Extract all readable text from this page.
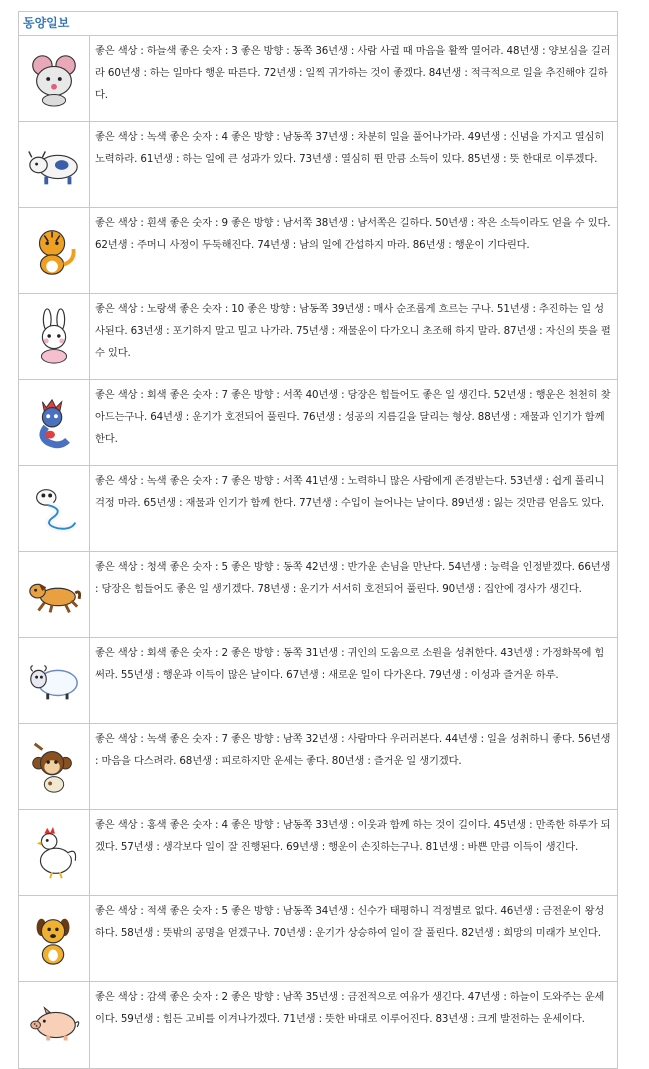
동양일보
좋은 색상 : 하늘색 좋은 숫자 : 3 좋은 방향 : 동쪽 36년생 : 사람 사귈 때 마음을 활짝 열어라. 48년생 : 양보심을 길러라 60년생 : 하는 일마다 행운 따른다. 72년생 : 일찍 귀가하는 것이 좋겠다. 84년생 : 적극적으로 일을 추진해야 길하다.
좋은 색상 : 녹색 좋은 숫자 : 4 좋은 방향 : 남동쪽 37년생 : 차분히 일을 풀어나가라. 49년생 : 신념을 가지고 열심히 노력하라. 61년생 : 하는 일에 큰 성과가 있다. 73년생 : 열심히 뛴 만큼 소득이 있다. 85년생 : 뜻 한대로 이루겠다.
좋은 색상 : 흰색 좋은 숫자 : 9 좋은 방향 : 남서쪽 38년생 : 남서쪽은 길하다. 50년생 : 작은 소득이라도 얻을 수 있다. 62년생 : 주머니 사정이 두둑해진다. 74년생 : 남의 일에 간섭하지 마라. 86년생 : 행운이 기다린다.
좋은 색상 : 노랑색 좋은 숫자 : 10 좋은 방향 : 남동쪽 39년생 : 매사 순조롭게 흐르는 구나. 51년생 : 추진하는 일 성사된다. 63년생 : 포기하지 말고 밀고 나가라. 75년생 : 재물운이 다가오니 초조해 하지 말라. 87년생 : 자신의 뜻을 펼 수 있다.
좋은 색상 : 회색 좋은 숫자 : 7 좋은 방향 : 서쪽 40년생 : 당장은 힘들어도 좋은 일 생긴다. 52년생 : 행운은 천천히 찾아드는구나. 64년생 : 운기가 호전되어 풀린다. 76년생 : 성공의 지름길을 달리는 형상. 88년생 : 재물과 인기가 함께 한다.
좋은 색상 : 녹색 좋은 숫자 : 7 좋은 방향 : 서쪽 41년생 : 노력하니 많은 사람에게 존경받는다. 53년생 : 쉽게 풀리니 걱정 마라. 65년생 : 재물과 인기가 함께 한다. 77년생 : 수입이 늘어나는 날이다. 89년생 : 잃는 것만큼 얻음도 있다.
좋은 색상 : 청색 좋은 숫자 : 5 좋은 방향 : 동쪽 42년생 : 반가운 손님을 만난다. 54년생 : 능력을 인정받겠다. 66년생 : 당장은 힘들어도 좋은 일 생기겠다. 78년생 : 운기가 서서히 호전되어 풀린다. 90년생 : 집안에 경사가 생긴다.
좋은 색상 : 회색 좋은 숫자 : 2 좋은 방향 : 동쪽 31년생 : 귀인의 도움으로 소원을 성취한다. 43년생 : 가정화목에 힘써라. 55년생 : 행운과 이득이 많은 날이다. 67년생 : 새로운 일이 다가온다. 79년생 : 이성과 즐거운 하루.
좋은 색상 : 녹색 좋은 숫자 : 7 좋은 방향 : 남쪽 32년생 : 사람마다 우러러본다. 44년생 : 일을 성취하니 좋다. 56년생 : 마음을 다스려라. 68년생 : 피로하지만 운세는 좋다. 80년생 : 즐거운 일 생기겠다.
좋은 색상 : 홍색 좋은 숫자 : 4 좋은 방향 : 남동쪽 33년생 : 이웃과 함께 하는 것이 길이다. 45년생 : 만족한 하루가 되겠다. 57년생 : 생각보다 일이 잘 진행된다. 69년생 : 행운이 손짓하는구나. 81년생 : 바쁜 만큼 이득이 생긴다.
좋은 색상 : 적색 좋은 숫자 : 5 좋은 방향 : 남동쪽 34년생 : 신수가 태평하니 걱정별로 없다. 46년생 : 금전운이 왕성하다. 58년생 : 뜻밖의 공명을 얻겠구나. 70년생 : 운기가 상승하여 일이 잘 풀린다. 82년생 : 희망의 미래가 보인다.
좋은 색상 : 감색 좋은 숫자 : 2 좋은 방향 : 남쪽 35년생 : 금전적으로 여유가 생긴다. 47년생 : 하늘이 도와주는 운세이다. 59년생 : 힘든 고비를 이겨나가겠다. 71년생 : 뜻한 바대로 이루어진다. 83년생 : 크게 발전하는 운세이다.
